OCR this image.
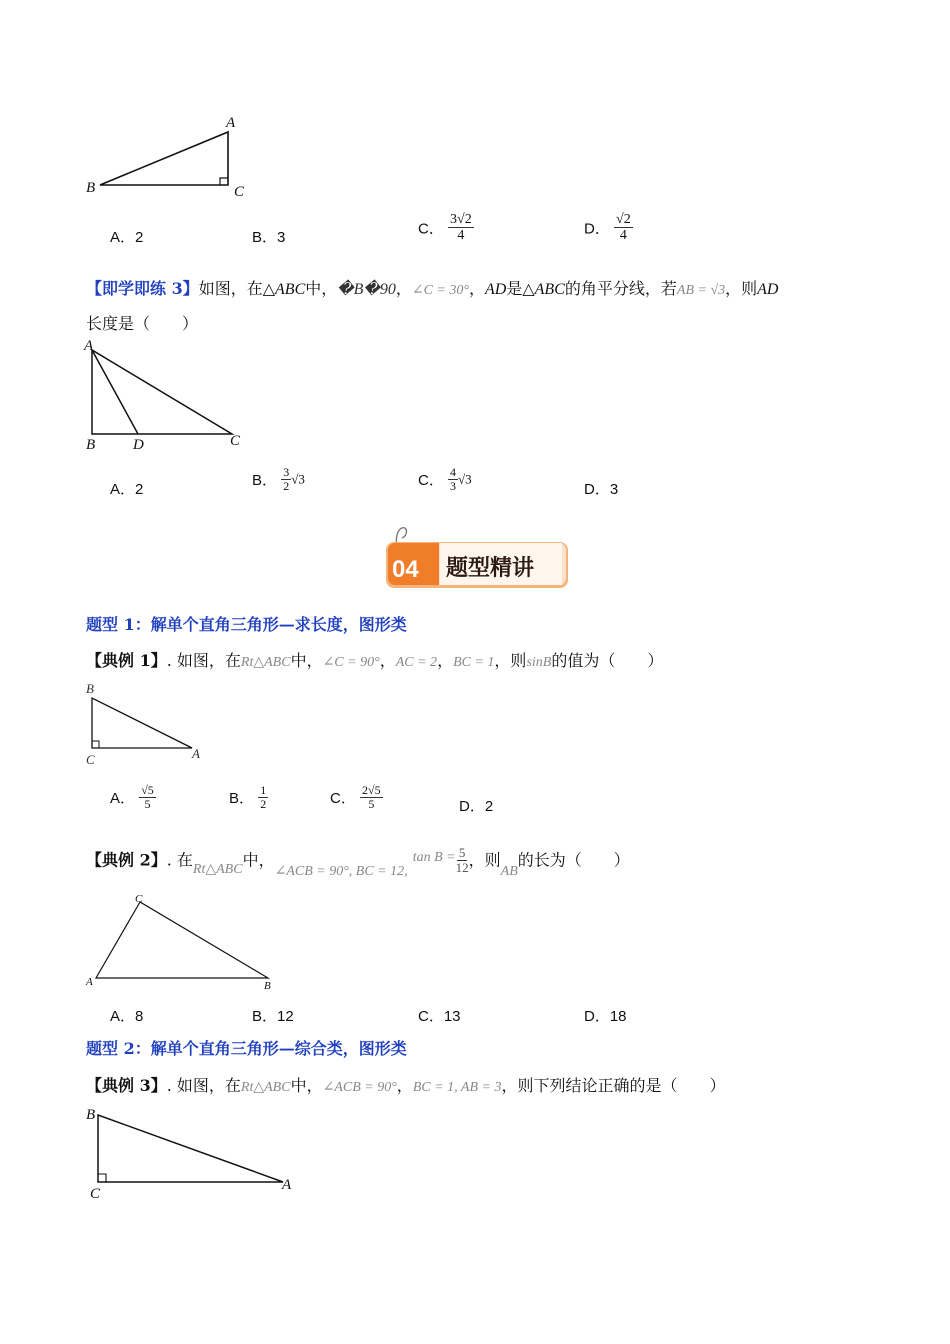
A
B	C
A．2	B．3
C． $\frac{3√2}{4}$	D． $\frac{√2}{4}$
【即学即练 3】如图，在△ABC中，�B�90，∠C = 30°，AD是△ABC的角平分线，若AB = √3，则AD
长度是（　　）
A
B	D	C
A．2
B． $\frac{3}{2} √3$	C． $\frac{4}{3} √3$
D．3
04 题型精讲
题型 1：解单个直角三角形—求长度，图形类
【典例 1】. 如图，在Rt△ABC中，∠C = 90°，AC = 2，BC = 1，则sinB的值为（　　）
B
C	A
A． $\frac{√5}{5}$	B． $\frac{1}{2}$	C． $\frac{2√5}{5}$	D．2
【典例 2】. 在Rt△ABC中，∠ACB = 90°, BC = 12, $\tan B = \frac{5}{12}$ ，则AB的长为（　　）
C
A	B
A．8	B．12	C．13	D．18
题型 2：解单个直角三角形—综合类，图形类
【典例 3】. 如图，在Rt△ABC中，∠ACB = 90°，BC = 1, AB = 3，则下列结论正确的是（　　）
B
C
A
